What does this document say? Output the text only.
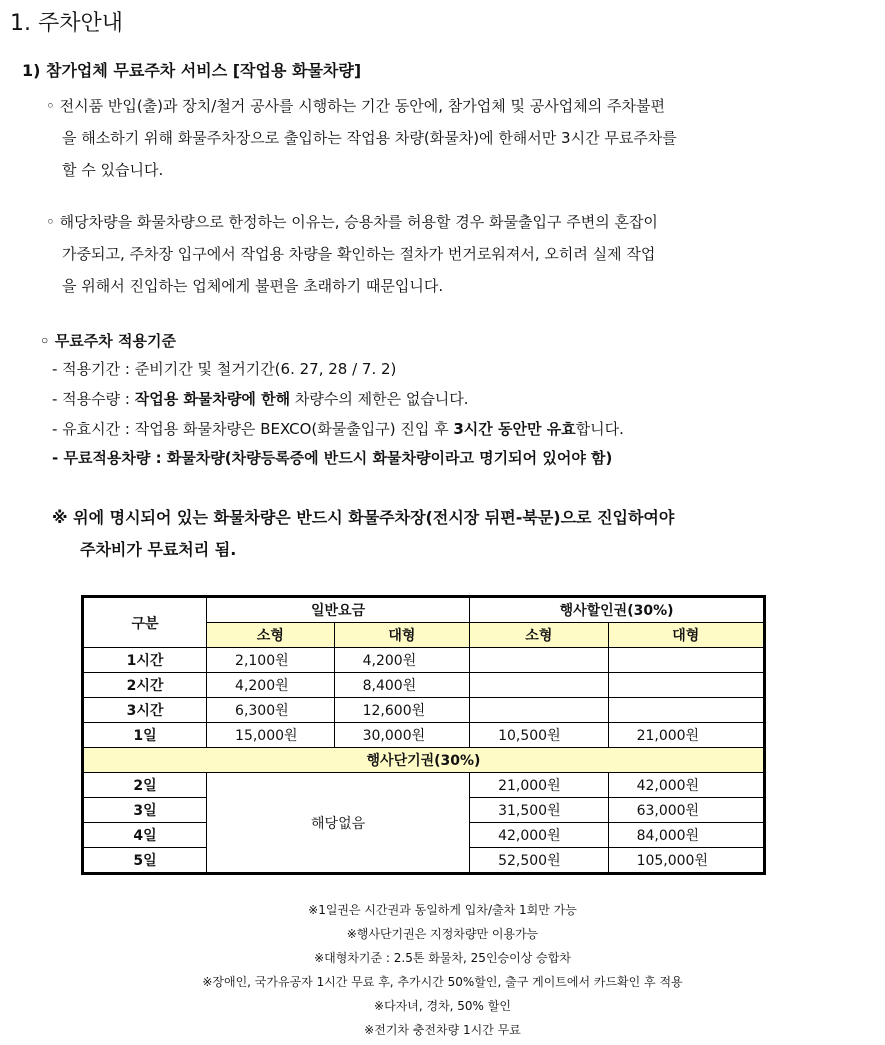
1. 주차안내
1) 참가업체 무료주차 서비스 [작업용 화물차량]
◦ 전시품 반입(출)과 장치/철거 공사를 시행하는 기간 동안에, 참가업체 및 공사업체의 주차불편
을 해소하기 위해 화물주차장으로 출입하는 작업용 차량(화물차)에 한해서만 3시간 무료주차를
할 수 있습니다.
◦ 해당차량을 화물차량으로 한정하는 이유는, 승용차를 허용할 경우 화물출입구 주변의 혼잡이
가중되고, 주차장 입구에서 작업용 차량을 확인하는 절차가 번거로워져서, 오히려 실제 작업
을 위해서 진입하는 업체에게 불편을 초래하기 때문입니다.
◦ 무료주차 적용기준
- 적용기간 : 준비기간 및 철거기간(6. 27, 28 / 7. 2)
- 적용수량 : 작업용 화물차량에 한해 차량수의 제한은 없습니다.
- 유효시간 : 작업용 화물차량은 BEXCO(화물출입구) 진입 후 3시간 동안만 유효합니다.
- 무료적용차량 : 화물차량(차량등록증에 반드시 화물차량이라고 명기되어 있어야 함)
※ 위에 명시되어 있는 화물차량은 반드시 화물주차장(전시장 뒤편-북문)으로 진입하여야
주차비가 무료처리 됨.
구분	일반요금		행사할인권(30%)	
	소형	대형	소형	대형
1시간	2,100원	4,200원		
2시간	4,200원	8,400원		
3시간	6,300원	12,600원		
1일	15,000원	30,000원	10,500원	21,000원
행사단기권(30%)				
2일	해당없음		21,000원	42,000원
3일			31,500원	63,000원
4일			42,000원	84,000원
5일			52,500원	105,000원
※1일권은 시간권과 동일하게 입차/출차 1회만 가능
※행사단기권은 지정차량만 이용가능
※대형차기준 : 2.5톤 화물차, 25인승이상 승합차
※장애인, 국가유공자 1시간 무료 후, 추가시간 50%할인, 출구 게이트에서 카드확인 후 적용
※다자녀, 경차, 50% 할인
※전기차 충전차량 1시간 무료
